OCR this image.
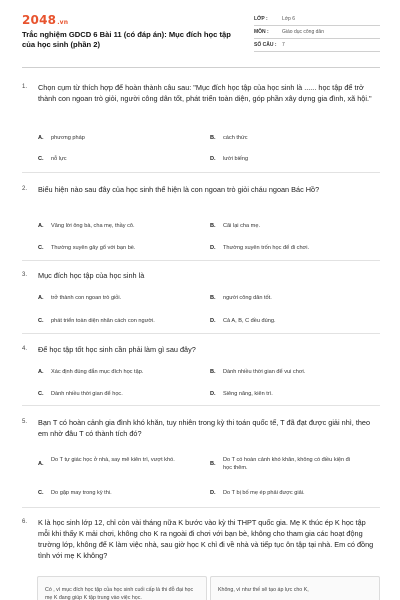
2048.vn
Trắc nghiệm GDCD 6 Bài 11 (có đáp án): Mục đích học tập của học sinh (phần 2)
LỚP :	Lớp 6
MÔN :	Giáo dục công dân
SỐ CÂU : 7
1. Chọn cụm từ thích hợp để hoàn thành câu sau: "Mục đích học tập của học sinh là ...... học tập để trở thành con ngoan trò giỏi, người công dân tốt, phát triển toàn diện, góp phần xây dựng gia đình, xã hội."
A. phương pháp	B. cách thức
C. nỗ lực	D. lười biếng
2. Biểu hiện nào sau đây của học sinh thể hiện là con ngoan trò giỏi cháu ngoan Bác Hồ?
A. Vâng lời ông bà, cha mẹ, thầy cô.	B. Cãi lại cha mẹ.
C. Thường xuyên gây gổ với bạn bè.	D. Thường xuyên trốn học để đi chơi.
3. Mục đích học tập của học sinh là
A. trở thành con ngoan trò giỏi.	B. người công dân tốt.
C. phát triển toàn diện nhân cách con người.	D. Cả A, B, C đều đúng.
4. Để học tập tốt học sinh cần phải làm gì sau đây?
A. Xác định đúng đắn mục đích học tập.	B. Dành nhiều thời gian để vui chơi.
C. Dành nhiều thời gian để học.	D. Siêng năng, kiên trì.
5. Bạn T có hoàn cảnh gia đình khó khăn, tuy nhiên trong kỳ thi toán quốc tế, T đã đạt được giải nhì, theo em nhờ đâu T có thành tích đó?
A.
Do T tự giác học ở nhà, say mê kiên trì, vượt khó.
B.
Do T có hoàn cảnh khó khăn, không có điều kiện đi học thêm.
C. Do gặp may trong kỳ thi.	D. Do T bị bố mẹ ép phải được giải.
6. K là học sinh lớp 12, chỉ còn vài tháng nữa K bước vào kỳ thi THPT quốc gia. Mẹ K thúc ép K học tập mỗi khi thấy K mải chơi, không cho K ra ngoài đi chơi với bạn bè, không cho tham gia các hoạt động trường lớp, không để K làm việc nhà, sau giờ học K chỉ đi về nhà và tiếp tục ôn tập tại nhà. Em có đồng tình với mẹ K không?
Có , vì mục đích học tập của học sinh cuối cấp là thi đỗ đại học mẹ K đang giúp K tập trung vào việc học.
Không, vì như thế sẽ tạo áp lực cho K,
